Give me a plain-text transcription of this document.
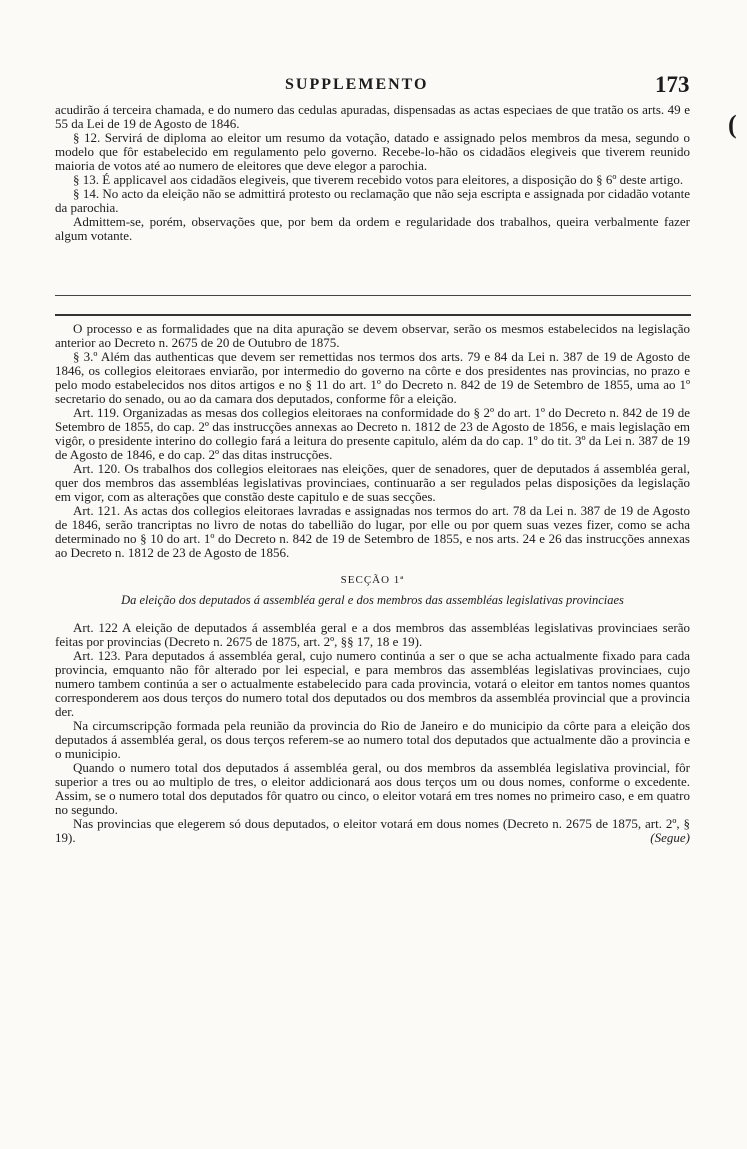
SUPPLEMENTO	173
(

acudirão á terceira chamada, e do numero das cedulas apuradas, dispensadas as actas especiaes de que tratão os arts. 49 e 55 da Lei de 19 de Agosto de 1846.

§ 12. Servirá de diploma ao eleitor um resumo da votação, datado e assignado pelos membros da mesa, segundo o modelo que fôr estabelecido em regulamento pelo governo. Recebe-lo-hão os cidadãos elegiveis que tiverem reunido maioria de votos até ao numero de eleitores que deve elegor a parochia.

§ 13. É applicavel aos cidadãos elegiveis, que tiverem recebido votos para eleitores, a disposição do § 6º deste artigo.

§ 14. No acto da eleição não se admittirá protesto ou reclamação que não seja escripta e assignada por cidadão votante da parochia.

Admittem-se, porém, observações que, por bem da ordem e regularidade dos trabalhos, queira verbalmente fazer algum votante.

O processo e as formalidades que na dita apuração se devem observar, serão os mesmos estabelecidos na legislação anterior ao Decreto n. 2675 de 20 de Outubro de 1875.

§ 3.º Além das authenticas que devem ser remettidas nos termos dos arts. 79 e 84 da Lei n. 387 de 19 de Agosto de 1846, os collegios eleitoraes enviarão, por intermedio do governo na côrte e dos presidentes nas provincias, no prazo e pelo modo estabelecidos nos ditos artigos e no § 11 do art. 1º do Decreto n. 842 de 19 de Setembro de 1855, uma ao 1º secretario do senado, ou ao da camara dos deputados, conforme fôr a eleição.

Art. 119. Organizadas as mesas dos collegios eleitoraes na conformidade do § 2º do art. 1º do Decreto n. 842 de 19 de Setembro de 1855, do cap. 2º das instrucções annexas ao Decreto n. 1812 de 23 de Agosto de 1856, e mais legislação em vigôr, o presidente interino do collegio fará a leitura do presente capitulo, além da do cap. 1º do tit. 3º da Lei n. 387 de 19 de Agosto de 1846, e do cap. 2º das ditas instrucções.

Art. 120. Os trabalhos dos collegios eleitoraes nas eleições, quer de senadores, quer de deputados á assembléa geral, quer dos membros das assembléas legislativas provinciaes, continuarão a ser regulados pelas disposições da legislação em vigor, com as alterações que constão deste capitulo e de suas secções.

Art. 121. As actas dos collegios eleitoraes lavradas e assignadas nos termos do art. 78 da Lei n. 387 de 19 de Agosto de 1846, serão trancriptas no livro de notas do tabellião do lugar, por elle ou por quem suas vezes fizer, como se acha determinado no § 10 do art. 1º do Decreto n. 842 de 19 de Setembro de 1855, e nos arts. 24 e 26 das instrucções annexas ao Decreto n. 1812 de 23 de Agosto de 1856.

SECÇÃO 1ª

Da eleição dos deputados á assembléa geral e dos membros das assembléas legislativas provinciaes

Art. 122 A eleição de deputados á assembléa geral e a dos membros das assembléas legislativas provinciaes serão feitas por provincias (Decreto n. 2675 de 1875, art. 2º, §§ 17, 18 e 19).

Art. 123. Para deputados á assembléa geral, cujo numero continúa a ser o que se acha actualmente fixado para cada provincia, emquanto não fôr alterado por lei especial, e para membros das assembléas legislativas provinciaes, cujo numero tambem continúa a ser o actualmente estabelecido para cada provincia, votará o eleitor em tantos nomes quantos corresponderem aos dous terços do numero total dos deputados ou dos membros da assembléa provincial que a provincia der.

Na circumscripção formada pela reunião da provincia do Rio de Janeiro e do municipio da côrte para a eleição dos deputados á assembléa geral, os dous terços referem-se ao numero total dos deputados que actualmente dão a provincia e o municipio.

Quando o numero total dos deputados á assembléa geral, ou dos membros da assembléa legislativa provincial, fôr superior a tres ou ao multiplo de tres, o eleitor addicionará aos dous terços um ou dous nomes, conforme o excedente. Assim, se o numero total dos deputados fôr quatro ou cinco, o eleitor votará em tres nomes no primeiro caso, e em quatro no segundo.

Nas provincias que elegerem só dous deputados, o eleitor votará em dous nomes (Decreto n. 2675 de 1875, art. 2º, § 19).	(Segue)
